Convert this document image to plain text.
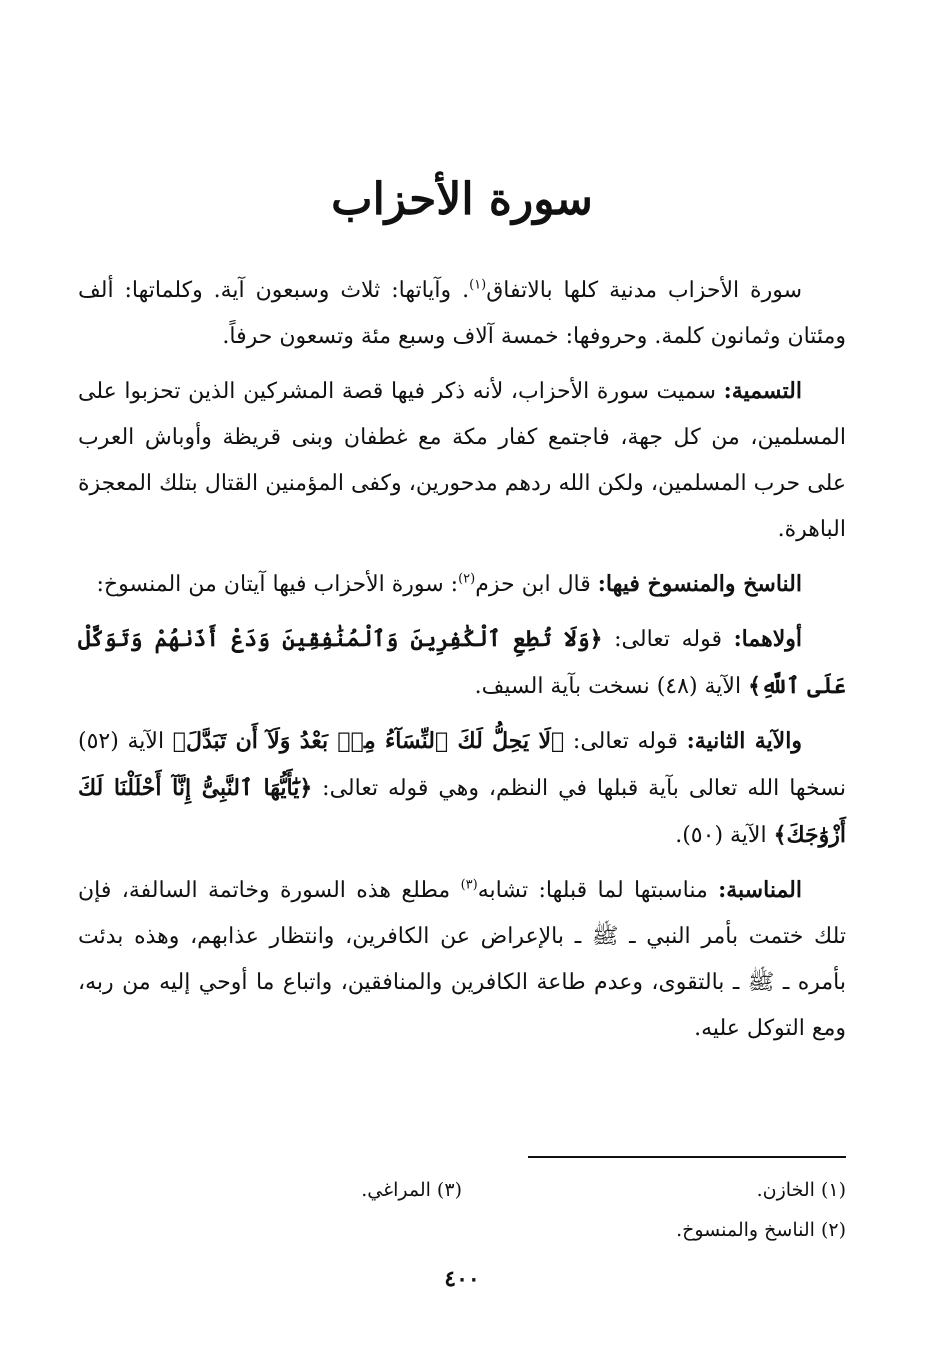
سورة الأحزاب

سورة الأحزاب مدنية كلها بالاتفاق$^{(١)}$. وآياتها: ثلاث وسبعون آية. وكلماتها: ألف ومئتان وثمانون كلمة. وحروفها: خمسة آلاف وسبع مئة وتسعون حرفاً.

التسمية: سميت سورة الأحزاب، لأنه ذكر فيها قصة المشركين الذين تحزبوا على المسلمين، من كل جهة، فاجتمع كفار مكة مع غطفان وبنى قريظة وأوباش العرب على حرب المسلمين، ولكن الله ردهم مدحورين، وكفى المؤمنين القتال بتلك المعجزة الباهرة.

الناسخ والمنسوخ فيها: قال ابن حزم$^{(٢)}$: سورة الأحزاب فيها آيتان من المنسوخ:

أولاهما: قوله تعالى: ﴿وَلَا تُطِعِ ٱلْكَٰفِرِينَ وَٱلْمُنَٰفِقِينَ وَدَعْ أَذَىٰهُمْ وَتَوَكَّلْ عَلَى ٱللَّهِ﴾ الآية (٤٨) نسخت بآية السيف.

والآية الثانية: قوله تعالى: ﴿لَا يَحِلُّ لَكَ ٱلنِّسَآءُ مِنۢ بَعْدُ وَلَآ أَن تَبَدَّلَ﴾ الآية (٥٢) نسخها الله تعالى بآية قبلها في النظم، وهي قوله تعالى: ﴿يَٰٓأَيُّهَا ٱلنَّبِىُّ إِنَّآ أَحْلَلْنَا لَكَ أَزْوَٰجَكَ﴾ الآية (٥٠).

المناسبة: مناسبتها لما قبلها: تشابه$^{(٣)}$ مطلع هذه السورة وخاتمة السالفة، فإن تلك ختمت بأمر النبي ـ ﷺ ـ بالإعراض عن الكافرين، وانتظار عذابهم، وهذه بدئت بأمره ـ ﷺ ـ بالتقوى، وعدم طاعة الكافرين والمنافقين، واتباع ما أوحي إليه من ربه، ومع التوكل عليه.

(١) الخازن.
(٣) المراغي.
(٢) الناسخ والمنسوخ.
٤٠٠
